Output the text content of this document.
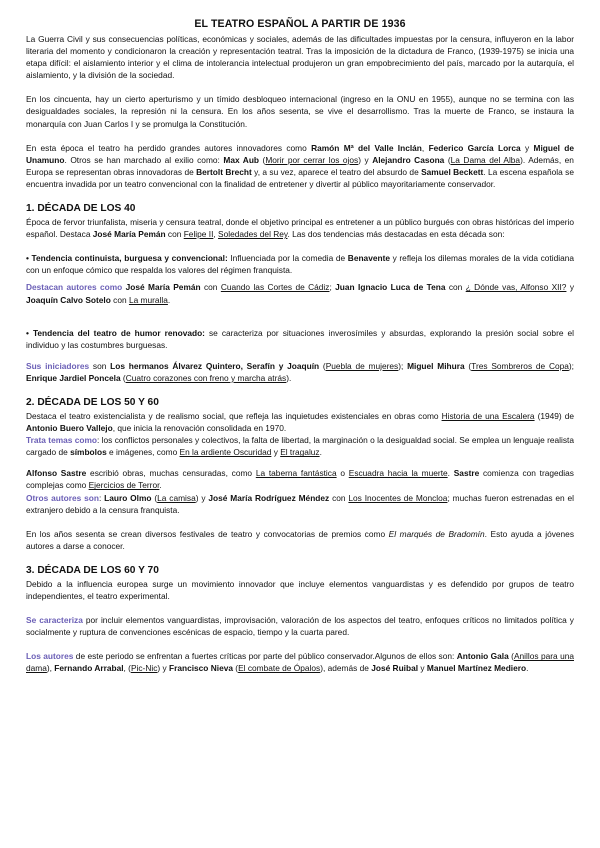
EL TEATRO ESPAÑOL A PARTIR DE 1936

La Guerra Civil y sus consecuencias políticas, económicas y sociales, además de las dificultades impuestas por la censura, influyeron en la labor literaria del momento y condicionaron la creación y representación teatral. Tras la imposición de la dictadura de Franco, (1939-1975) se inicia una etapa difícil: el aislamiento interior y el clima de intolerancia intelectual produjeron un gran empobrecimiento del país, marcado por la autarquía, el aislamiento, y la división de la sociedad.

En los cincuenta, hay un cierto aperturismo y un tímido desbloqueo internacional (ingreso en la ONU en 1955), aunque no se termina con las desigualdades sociales, la represión ni la censura. En los años sesenta, se vive el desarrollismo. Tras la muerte de Franco, se instaura la monarquía con Juan Carlos I y se promulga la Constitución.

En esta época el teatro ha perdido grandes autores innovadores como Ramón Mª del Valle Inclán, Federico García Lorca y Miguel de Unamuno. Otros se han marchado al exilio como: Max Aub (Morir por cerrar los ojos) y Alejandro Casona (La Dama del Alba). Además, en Europa se representan obras innovadoras de Bertolt Brecht y, a su vez, aparece el teatro del absurdo de Samuel Beckett. La escena española se encuentra invadida por un teatro convencional con la finalidad de entretener y divertir al público mayoritariamente conservador.

1. DÉCADA DE LOS 40

Época de fervor triunfalista, miseria y censura teatral, donde el objetivo principal es entretener a un público burgués con obras históricas del imperio español. Destaca José María Pemán con Felipe II, Soledades del Rey. Las dos tendencias más destacadas en esta década son:

• Tendencia continuista, burguesa y convencional: Influenciada por la comedia de Benavente y refleja los dilemas morales de la vida cotidiana con un enfoque cómico que respalda los valores del régimen franquista.

Destacan autores como José María Pemán con Cuando las Cortes de Cádiz; Juan Ignacio Luca de Tena con ¿ Dónde vas, Alfonso XII? y Joaquín Calvo Sotelo con La muralla.

• Tendencia del teatro de humor renovado: se caracteriza por situaciones inverosímiles y absurdas, explorando la presión social sobre el individuo y las costumbres burguesas.

Sus iniciadores son Los hermanos Álvarez Quintero, Serafín y Joaquín (Puebla de mujeres); Miguel Mihura (Tres Sombreros de Copa); Enrique Jardiel Poncela (Cuatro corazones con freno y marcha atrás).

2. DÉCADA DE LOS 50 Y 60

Destaca el teatro existencialista y de realismo social, que refleja las inquietudes existenciales en obras como Historia de una Escalera (1949) de Antonio Buero Vallejo, que inicia la renovación consolidada en 1970.

Trata temas como: los conflictos personales y colectivos, la falta de libertad, la marginación o la desigualdad social. Se emplea un lenguaje realista cargado de símbolos e imágenes, como En la ardiente Oscuridad y El tragaluz.

Alfonso Sastre escribió obras, muchas censuradas, como La taberna fantástica o Escuadra hacia la muerte. Sastre comienza con tragedias complejas como Ejercicios de Terror.

Otros autores son: Lauro Olmo (La camisa) y José María Rodríguez Méndez con Los Inocentes de Moncloa; muchas fueron estrenadas en el extranjero debido a la censura franquista.

En los años sesenta se crean diversos festivales de teatro y convocatorias de premios como El marqués de Bradomín. Esto ayuda a jóvenes autores a darse a conocer.

3. DÉCADA DE LOS 60 Y 70

Debido a la influencia europea surge un movimiento innovador que incluye elementos vanguardistas y es defendido por grupos de teatro independientes, el teatro experimental.

Se caracteriza por incluir elementos vanguardistas, improvisación, valoración de los aspectos del teatro, enfoques críticos no limitados política y socialmente y ruptura de convenciones escénicas de espacio, tiempo y la cuarta pared.

Los autores de este periodo se enfrentan a fuertes críticas por parte del público conservador.Algunos de ellos son: Antonio Gala (Anillos para una dama), Fernando Arrabal, (Pic-Nic) y Francisco Nieva (El combate de Ópalos), además de José Ruibal y Manuel Martínez Mediero.
